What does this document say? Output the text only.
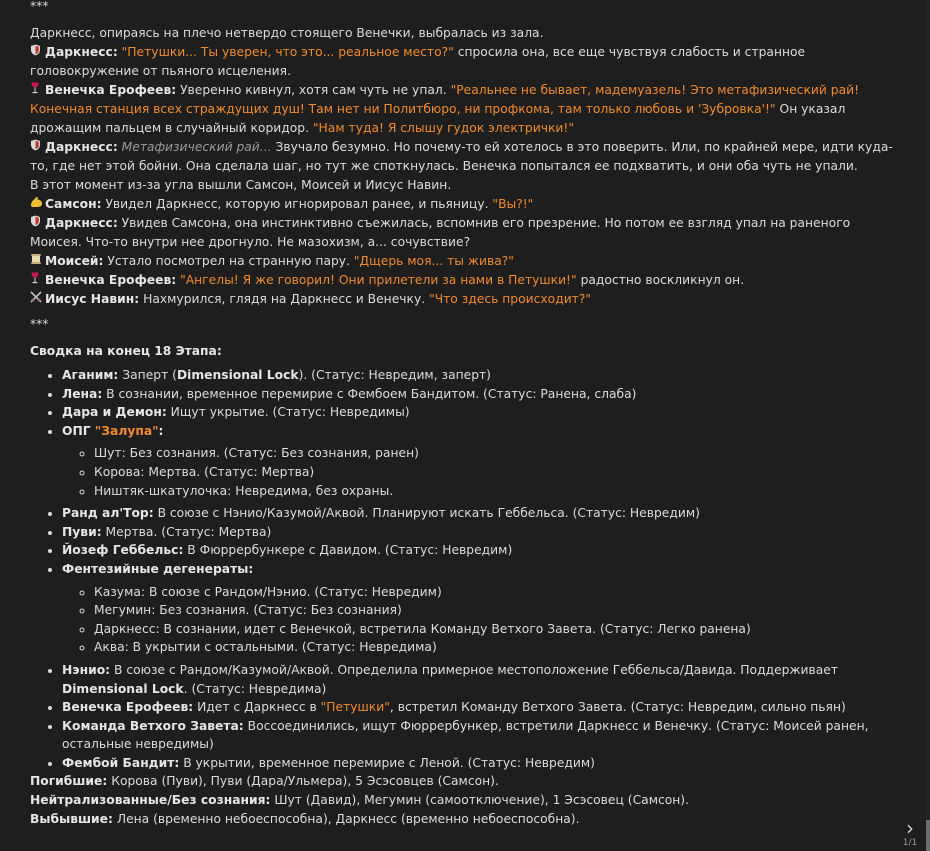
***

Даркнесс, опираясь на плечо нетвердо стоящего Венечки, выбралась из зала.

Даркнесс: "Петушки... Ты уверен, что это... реальное место?" спросила она, все еще чувствуя слабость и странное головокружение от пьяного исцеления.

Венечка Ерофеев: Уверенно кивнул, хотя сам чуть не упал. "Реальнее не бывает, мадемуазель! Это метафизический рай! Конечная станция всех страждущих душ! Там нет ни Политбюро, ни профкома, там только любовь и 'Зубровка'!" Он указал дрожащим пальцем в случайный коридор. "Нам туда! Я слышу гудок электрички!"

Даркнесс: Метафизический рай... Звучало безумно. Но почему-то ей хотелось в это поверить. Или, по крайней мере, идти куда-то, где нет этой бойни. Она сделала шаг, но тут же споткнулась. Венечка попытался ее подхватить, и они оба чуть не упали.

В этот момент из-за угла вышли Самсон, Моисей и Иисус Навин.

Самсон: Увидел Даркнесс, которую игнорировал ранее, и пьяницу. "Вы?!"

Даркнесс: Увидев Самсона, она инстинктивно съежилась, вспомнив его презрение. Но потом ее взгляд упал на раненого Моисея. Что-то внутри нее дрогнуло. Не мазохизм, а... сочувствие?

Моисей: Устало посмотрел на странную пару. "Дщерь моя... ты жива?"

Венечка Ерофеев: "Ангелы! Я же говорил! Они прилетели за нами в Петушки!" радостно воскликнул он.

Иисус Навин: Нахмурился, глядя на Даркнесс и Венечку. "Что здесь происходит?"

***

Сводка на конец 18 Этапа:

• Аганим: Заперт (Dimensional Lock). (Статус: Невредим, заперт)
• Лена: В сознании, временное перемирие с Фембоем Бандитом. (Статус: Ранена, слаба)
• Дара и Демон: Ищут укрытие. (Статус: Невредимы)
• ОПГ "Залупа":
◦ Шут: Без сознания. (Статус: Без сознания, ранен)
◦ Корова: Мертва. (Статус: Мертва)
◦ Ништяк-шкатулочка: Невредима, без охраны.
• Ранд ал'Тор: В союзе с Нэнио/Казумой/Аквой. Планируют искать Геббельса. (Статус: Невредим)
• Пуви: Мертва. (Статус: Мертва)
• Йозеф Геббельс: В Фюррербункере с Давидом. (Статус: Невредим)
• Фентезийные дегенераты:
◦ Казума: В союзе с Рандом/Нэнио. (Статус: Невредим)
◦ Мегумин: Без сознания. (Статус: Без сознания)
◦ Даркнесс: В сознании, идет с Венечкой, встретила Команду Ветхого Завета. (Статус: Легко ранена)
◦ Аква: В укрытии с остальными. (Статус: Невредима)
• Нэнио: В союзе с Рандом/Казумой/Аквой. Определила примерное местоположение Геббельса/Давида. Поддерживает Dimensional Lock. (Статус: Невредима)
• Венечка Ерофеев: Идет с Даркнесс в "Петушки", встретил Команду Ветхого Завета. (Статус: Невредим, сильно пьян)
• Команда Ветхого Завета: Воссоединились, ищут Фюррербункер, встретили Даркнесс и Венечку. (Статус: Моисей ранен, остальные невредимы)
• Фембой Бандит: В укрытии, временное перемирие с Леной. (Статус: Невредим)

Погибшие: Корова (Пуви), Пуви (Дара/Ульмера), 5 Эсэсовцев (Самсон).

Нейтрализованные/Без сознания: Шут (Давид), Мегумин (самоотключение), 1 Эсэсовец (Самсон).

Выбывшие: Лена (временно небоеспособна), Даркнесс (временно небоеспособна).	›
1/1
